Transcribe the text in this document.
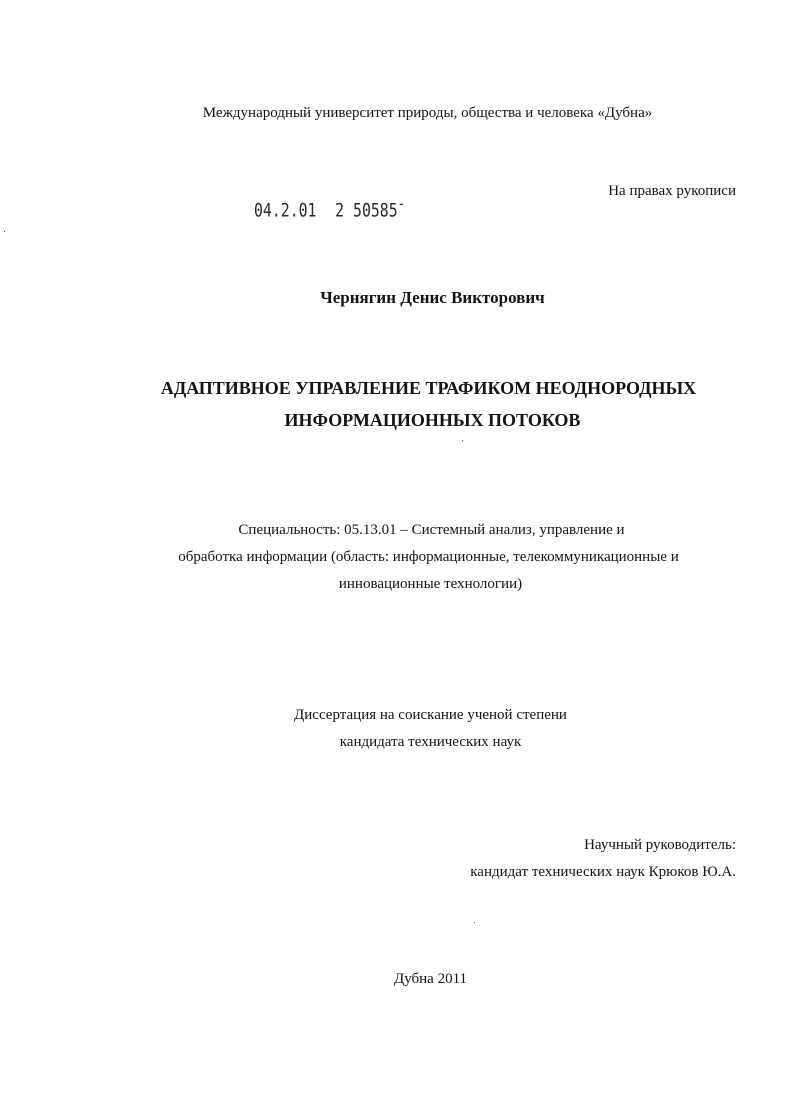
Международный университет природы, общества и человека «Дубна»
На правах рукописи
04.2.01 2 50585-
Чернягин Денис Викторович
АДАПТИВНОЕ УПРАВЛЕНИЕ ТРАФИКОМ НЕОДНОРОДНЫХ
ИНФОРМАЦИОННЫХ ПОТОКОВ
Специальность: 05.13.01 – Системный анализ, управление и
обработка информации (область: информационные, телекоммуникационные и
инновационные технологии)
Диссертация на соискание ученой степени
кандидата технических наук
Научный руководитель:
кандидат технических наук Крюков Ю.А.
Дубна 2011
